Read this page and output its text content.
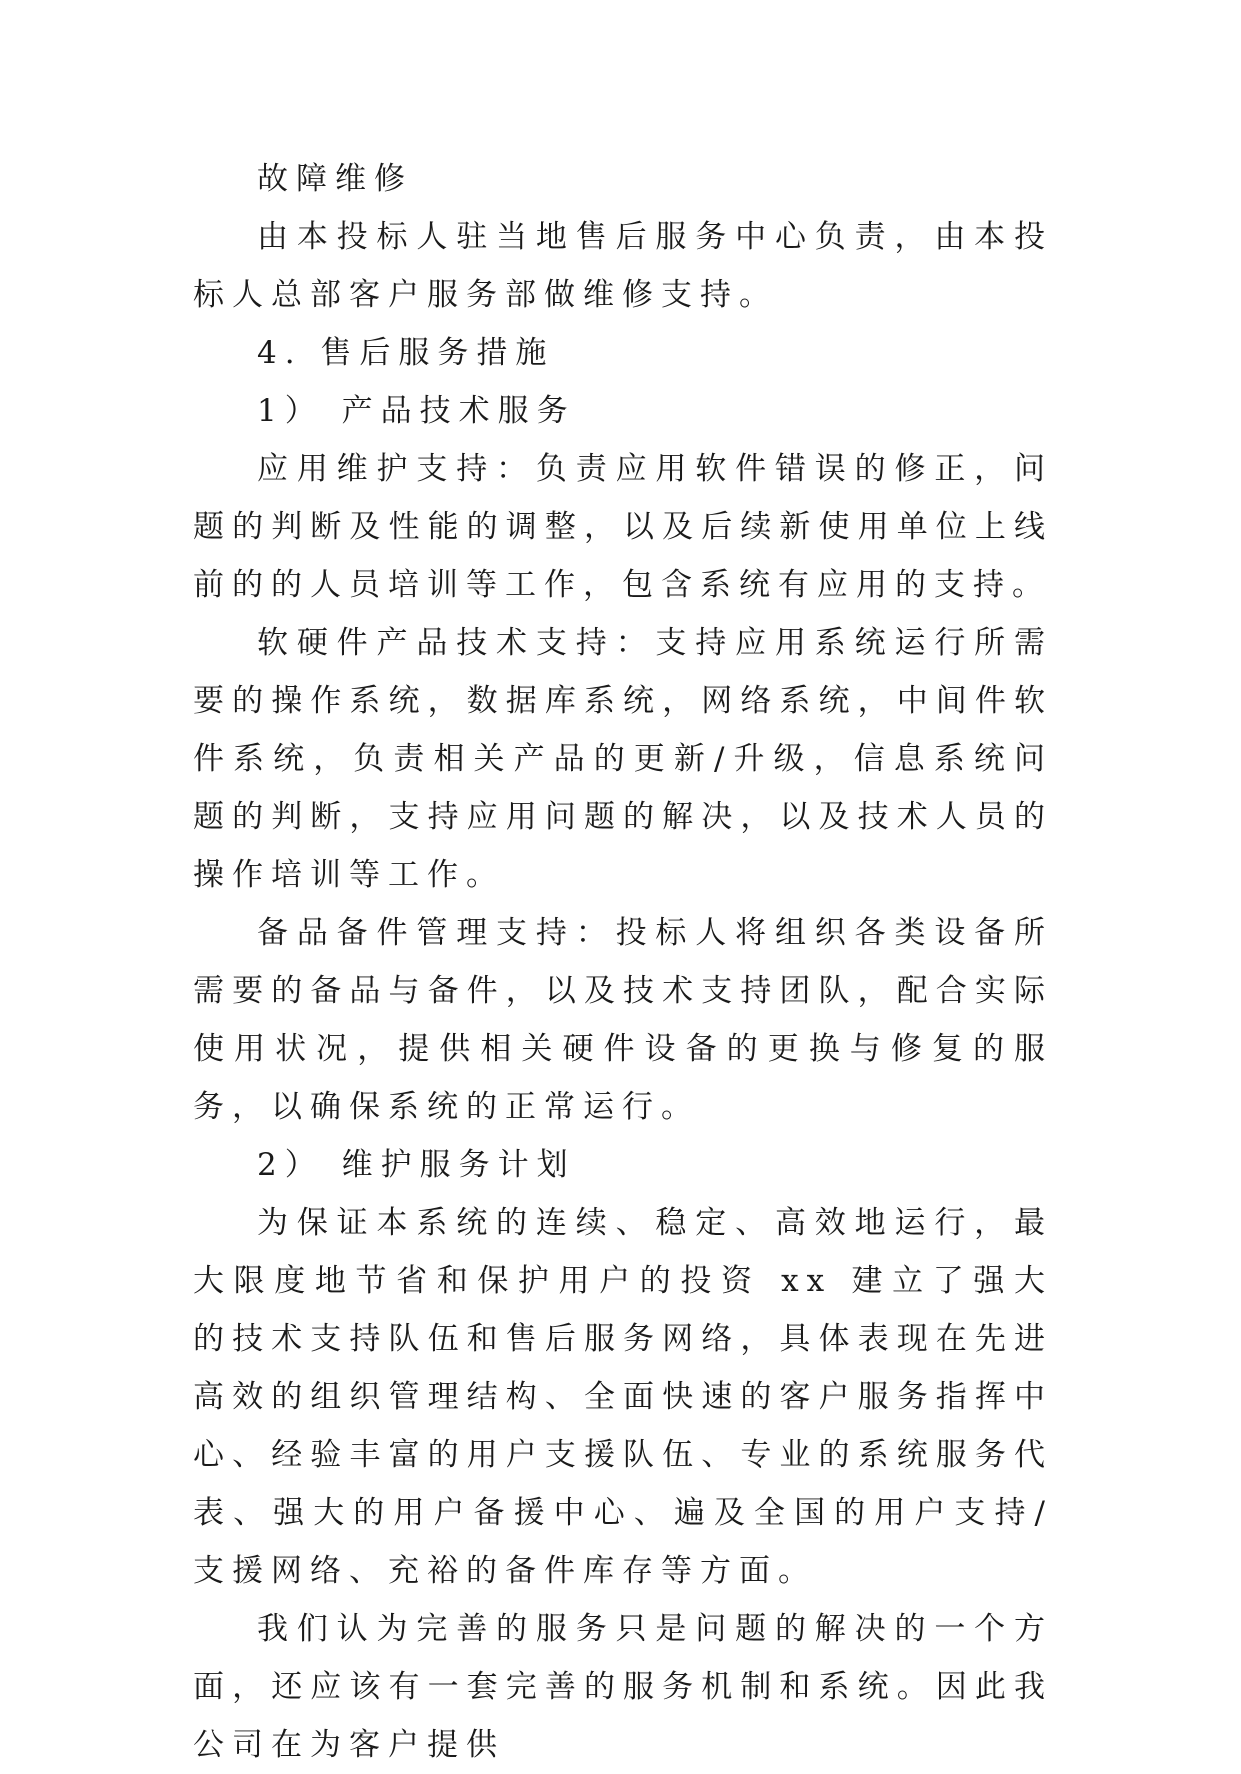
故障维修

由本投标人驻当地售后服务中心负责，由本投标人总部客户服务部做维修支持。

4. 售后服务措施

1） 产品技术服务

应用维护支持：负责应用软件错误的修正，问题的判断及性能的调整，以及后续新使用单位上线前的的人员培训等工作，包含系统有应用的支持。

软硬件产品技术支持：支持应用系统运行所需要的操作系统，数据库系统，网络系统，中间件软件系统，负责相关产品的更新/升级，信息系统问题的判断，支持应用问题的解决，以及技术人员的操作培训等工作。

备品备件管理支持：投标人将组织各类设备所需要的备品与备件，以及技术支持团队，配合实际使用状况，提供相关硬件设备的更换与修复的服务，以确保系统的正常运行。

2） 维护服务计划

为保证本系统的连续、稳定、高效地运行，最大限度地节省和保护用户的投资 xx 建立了强大的技术支持队伍和售后服务网络，具体表现在先进高效的组织管理结构、全面快速的客户服务指挥中心、经验丰富的用户支援队伍、专业的系统服务代表、强大的用户备援中心、遍及全国的用户支持/支援网络、充裕的备件库存等方面。

我们认为完善的服务只是问题的解决的一个方面，还应该有一套完善的服务机制和系统。因此我公司在为客户提供
